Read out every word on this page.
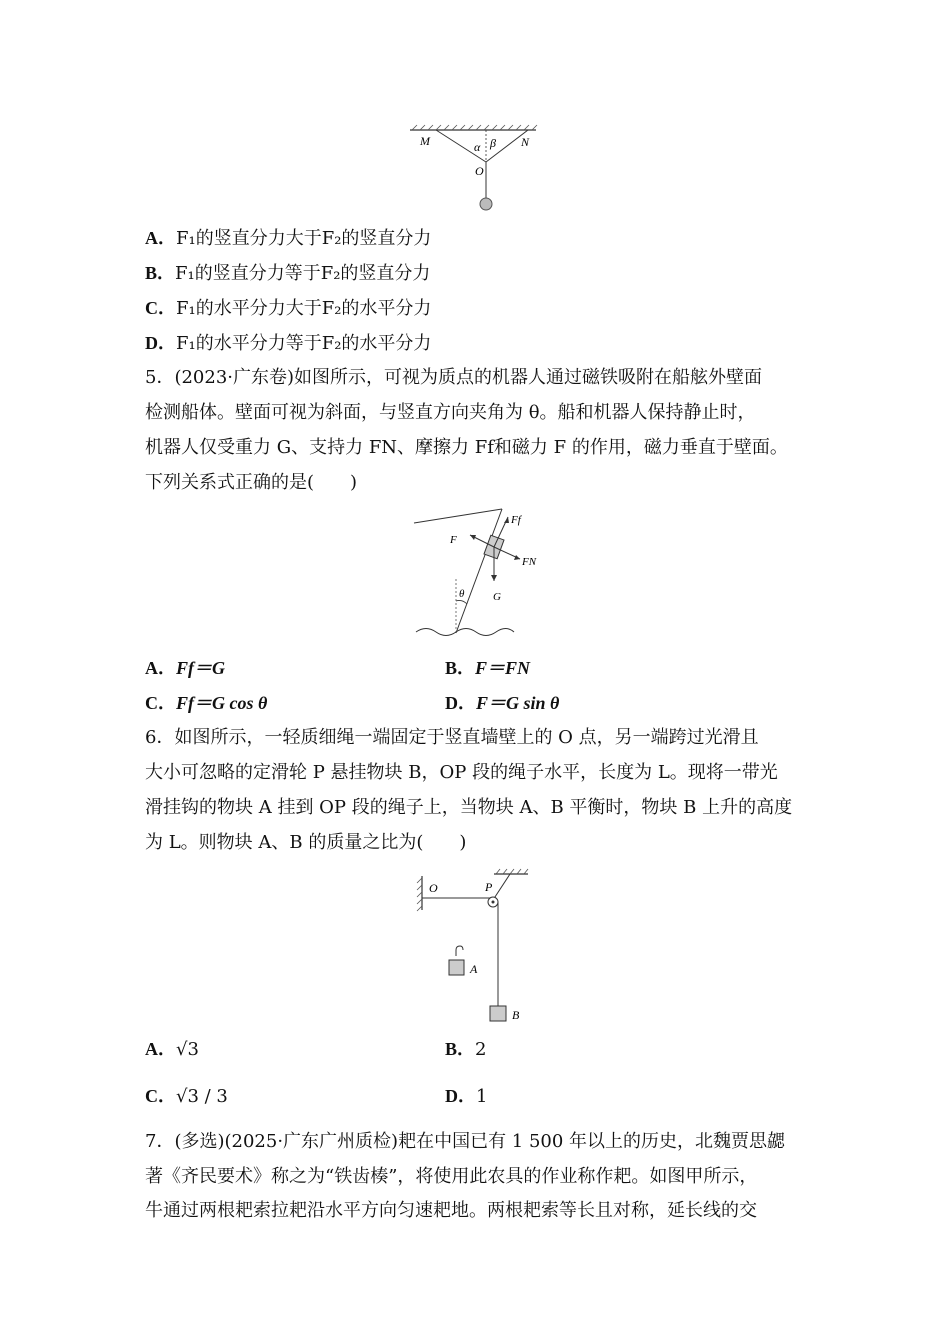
M	N
α β
O
A．F₁的竖直分力大于F₂的竖直分力
B．F₁的竖直分力等于F₂的竖直分力
C．F₁的水平分力大于F₂的水平分力
D．F₁的水平分力等于F₂的水平分力
5．(2023·广东卷)如图所示，可视为质点的机器人通过磁铁吸附在船舷外壁面
检测船体。壁面可视为斜面，与竖直方向夹角为 θ。船和机器人保持静止时，
机器人仅受重力 G、支持力 FN、摩擦力 Ff和磁力 F 的作用，磁力垂直于壁面。
下列关系式正确的是(　　)
Ff
F
FN
G
θ
A．Ff＝G	B．F＝FN
C．Ff＝G cos θ	D．F＝G sin θ
6．如图所示，一轻质细绳一端固定于竖直墙壁上的 O 点，另一端跨过光滑且
大小可忽略的定滑轮 P 悬挂物块 B，OP 段的绳子水平，长度为 L。现将一带光
滑挂钩的物块 A 挂到 OP 段的绳子上，当物块 A、B 平衡时，物块 B 上升的高度
为 L。则物块 A、B 的质量之比为(　　)
O	P
A
B
A．√3	B．2
C．√3 / 3	D．1
7．(多选)(2025·广东广州质检)耙在中国已有 1 500 年以上的历史，北魏贾思勰
著《齐民要术》称之为“铁齿楱”，将使用此农具的作业称作耙。如图甲所示，
牛通过两根耙索拉耙沿水平方向匀速耙地。两根耙索等长且对称，延长线的交
